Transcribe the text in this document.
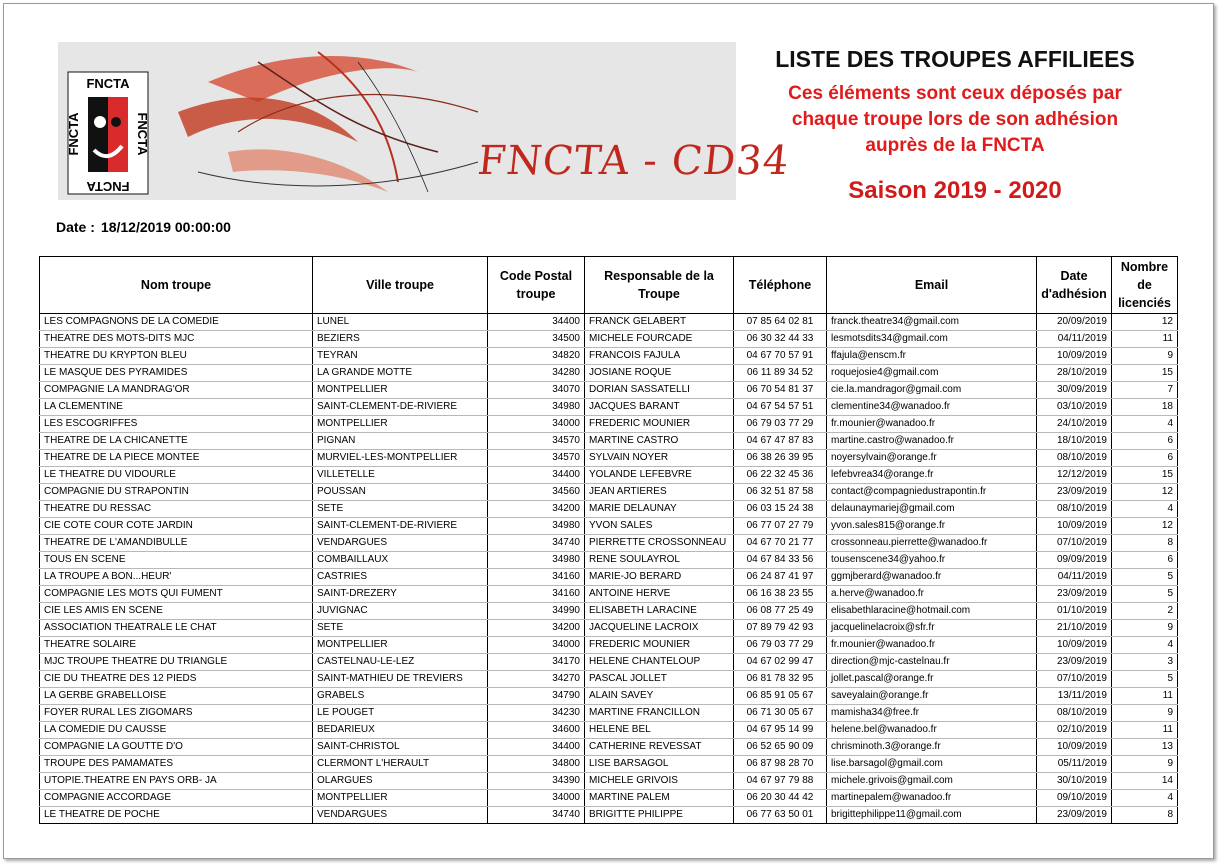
FNCTA
FNCTA
FNCTA	FNCTA
FNCTA - CD34
LISTE DES TROUPES AFFILIEES
Ces éléments sont ceux déposés par
chaque troupe lors de son adhésion
auprès de la FNCTA
Saison 2019 - 2020
Date : 18/12/2019 00:00:00
Nom troupe	Ville troupe	Code Postal troupe	Responsable de la Troupe	Téléphone	Email	Date d'adhésion	Nombre de licenciés
LES COMPAGNONS DE LA COMEDIE	LUNEL	34400	FRANCK GELABERT	07 85 64 02 81	franck.theatre34@gmail.com	20/09/2019	12
THEATRE DES MOTS-DITS MJC	BEZIERS	34500	MICHELE FOURCADE	06 30 32 44 33	lesmotsdits34@gmail.com	04/11/2019	11
THEATRE DU KRYPTON BLEU	TEYRAN	34820	FRANCOIS FAJULA	04 67 70 57 91	ffajula@enscm.fr	10/09/2019	9
LE MASQUE DES PYRAMIDES	LA GRANDE MOTTE	34280	JOSIANE ROQUE	06 11 89 34 52	roquejosie4@gmail.com	28/10/2019	15
COMPAGNIE LA MANDRAG'OR	MONTPELLIER	34070	DORIAN SASSATELLI	06 70 54 81 37	cie.la.mandragor@gmail.com	30/09/2019	7
LA CLEMENTINE	SAINT-CLEMENT-DE-RIVIERE	34980	JACQUES BARANT	04 67 54 57 51	clementine34@wanadoo.fr	03/10/2019	18
LES ESCOGRIFFES	MONTPELLIER	34000	FREDERIC MOUNIER	06 79 03 77 29	fr.mounier@wanadoo.fr	24/10/2019	4
THEATRE DE LA CHICANETTE	PIGNAN	34570	MARTINE CASTRO	04 67 47 87 83	martine.castro@wanadoo.fr	18/10/2019	6
THEATRE DE LA PIECE MONTEE	MURVIEL-LES-MONTPELLIER	34570	SYLVAIN NOYER	06 38 26 39 95	noyersylvain@orange.fr	08/10/2019	6
LE THEATRE DU VIDOURLE	VILLETELLE	34400	YOLANDE LEFEBVRE	06 22 32 45 36	lefebvrea34@orange.fr	12/12/2019	15
COMPAGNIE DU STRAPONTIN	POUSSAN	34560	JEAN ARTIERES	06 32 51 87 58	contact@compagniedustrapontin.fr	23/09/2019	12
THEATRE DU RESSAC	SETE	34200	MARIE DELAUNAY	06 03 15 24 38	delaunaymariej@gmail.com	08/10/2019	4
CIE COTE COUR COTE JARDIN	SAINT-CLEMENT-DE-RIVIERE	34980	YVON SALES	06 77 07 27 79	yvon.sales815@orange.fr	10/09/2019	12
THEATRE DE L'AMANDIBULLE	VENDARGUES	34740	PIERRETTE CROSSONNEAU	04 67 70 21 77	crossonneau.pierrette@wanadoo.fr	07/10/2019	8
TOUS EN SCENE	COMBAILLAUX	34980	RENE SOULAYROL	04 67 84 33 56	tousenscene34@yahoo.fr	09/09/2019	6
LA TROUPE A BON...HEUR'	CASTRIES	34160	MARIE-JO BERARD	06 24 87 41 97	ggmjberard@wanadoo.fr	04/11/2019	5
COMPAGNIE LES MOTS QUI FUMENT	SAINT-DREZERY	34160	ANTOINE HERVE	06 16 38 23 55	a.herve@wanadoo.fr	23/09/2019	5
CIE LES AMIS EN SCENE	JUVIGNAC	34990	ELISABETH LARACINE	06 08 77 25 49	elisabethlaracine@hotmail.com	01/10/2019	2
ASSOCIATION THEATRALE LE CHAT	SETE	34200	JACQUELINE LACROIX	07 89 79 42 93	jacquelinelacroix@sfr.fr	21/10/2019	9
THEATRE SOLAIRE	MONTPELLIER	34000	FREDERIC MOUNIER	06 79 03 77 29	fr.mounier@wanadoo.fr	10/09/2019	4
MJC TROUPE THEATRE DU TRIANGLE	CASTELNAU-LE-LEZ	34170	HELENE CHANTELOUP	04 67 02 99 47	direction@mjc-castelnau.fr	23/09/2019	3
CIE DU THEATRE DES 12 PIEDS	SAINT-MATHIEU DE TREVIERS	34270	PASCAL JOLLET	06 81 78 32 95	jollet.pascal@orange.fr	07/10/2019	5
LA GERBE GRABELLOISE	GRABELS	34790	ALAIN SAVEY	06 85 91 05 67	saveyalain@orange.fr	13/11/2019	11
FOYER RURAL LES ZIGOMARS	LE POUGET	34230	MARTINE FRANCILLON	06 71 30 05 67	mamisha34@free.fr	08/10/2019	9
LA COMEDIE DU CAUSSE	BEDARIEUX	34600	HELENE BEL	04 67 95 14 99	helene.bel@wanadoo.fr	02/10/2019	11
COMPAGNIE LA GOUTTE D'O	SAINT-CHRISTOL	34400	CATHERINE REVESSAT	06 52 65 90 09	chrisminoth.3@orange.fr	10/09/2019	13
TROUPE DES PAMAMATES	CLERMONT L'HERAULT	34800	LISE BARSAGOL	06 87 98 28 70	lise.barsagol@gmail.com	05/11/2019	9
UTOPIE.THEATRE EN PAYS ORB- JA	OLARGUES	34390	MICHELE GRIVOIS	04 67 97 79 88	michele.grivois@gmail.com	30/10/2019	14
COMPAGNIE ACCORDAGE	MONTPELLIER	34000	MARTINE PALEM	06 20 30 44 42	martinepalem@wanadoo.fr	09/10/2019	4
LE THEATRE DE POCHE	VENDARGUES	34740	BRIGITTE PHILIPPE	06 77 63 50 01	brigittephilippe11@gmail.com	23/09/2019	8
